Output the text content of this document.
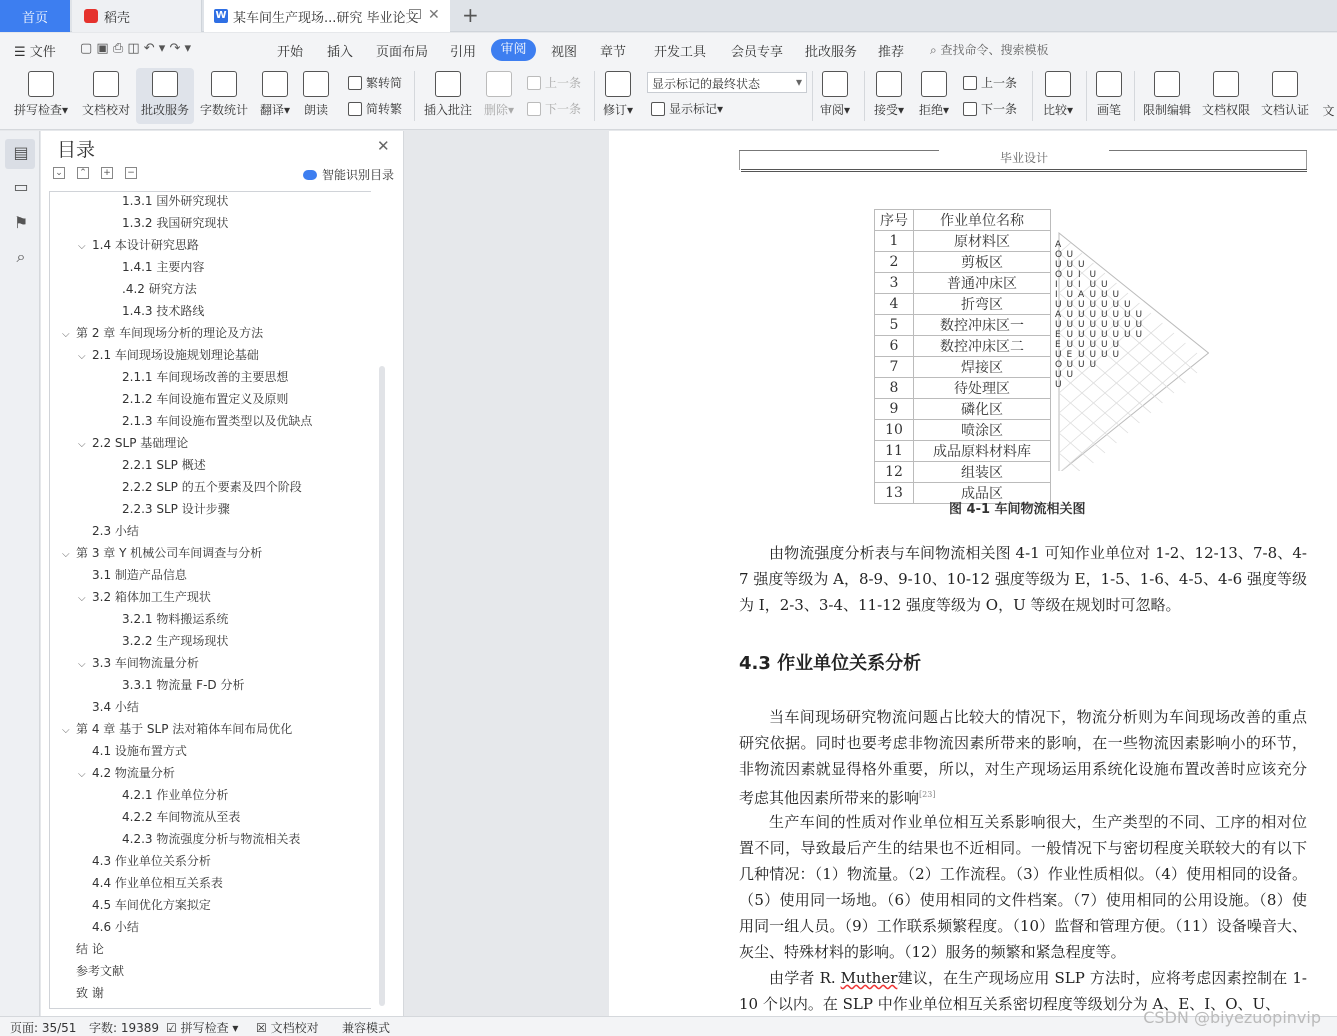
首页	稻壳	W 某车间生产现场...研究 毕业论文 ✕ +
☰ 文件 ▢ ▣ ⎙ ◫ ↶ ▾ ↷ ▾	开始 插入 页面布局 引用	审阅	视图 章节 开发工具 会员专享 批改服务 推荐 ⌕ 查找命令、搜索模板
拼写检查▾ 文档校对 批改服务 字数统计 翻译▾ 朗读
繁转简
简转繁 插入批注 删除▾
上一条
下一条 修订▾
显示标记的最终状态 ▾
显示标记 ▾	审阅▾ 接受▾ 拒绝▾
上一条
下一条 比较▾ 画笔 限制编辑 文档权限 文档认证 文
▤
▭
⚑
⌕
目录	✕
⌄ ⌃ + −	智能识别目录
1.3.1 国外研究现状
1.3.2 我国研究现状
⌵ 1.4 本设计研究思路
1.4.1 主要内容
.4.2 研究方法
1.4.3 技术路线
⌵ 第 2 章 车间现场分析的理论及方法
⌵ 2.1 车间现场设施规划理论基础
2.1.1 车间现场改善的主要思想
2.1.2 车间设施布置定义及原则
2.1.3 车间设施布置类型以及优缺点
⌵ 2.2 SLP 基础理论
2.2.1 SLP 概述
2.2.2 SLP 的五个要素及四个阶段
2.2.3 SLP 设计步骤
2.3 小结
⌵ 第 3 章 Y 机械公司车间调查与分析
3.1 制造产品信息
⌵ 3.2 箱体加工生产现状
3.2.1 物料搬运系统
3.2.2 生产现场现状
⌵ 3.3 车间物流量分析
3.3.1 物流量 F-D 分析
3.4 小结
⌵ 第 4 章 基于 SLP 法对箱体车间布局优化
4.1 设施布置方式
⌵ 4.2 物流量分析
4.2.1 作业单位分析
4.2.2 车间物流从至表
4.2.3 物流强度分析与物流相关表
4.3 作业单位关系分析
4.4 作业单位相互关系表
4.5 车间优化方案拟定
4.6 小结
结 论
参考文献
致 谢
毕业设计
序号	作业单位名称
1	原材料区
2	剪板区
3	普通冲床区
4	折弯区
5	数控冲床区一
6	数控冲床区二
7	焊接区
8	待处理区
9	磷化区
10	喷涂区
11	成品原料材料库
12	组装区
13	成品区
A
O U
U U U
O U I U
I U I U U
I U A U U U
U U U U U U U
A U U U U U U U
U U U U U U U U
E U U U U U U U
E U U U U U
U E U U U U
O U U U
U U
U
图 4-1 车间物流相关图
由物流强度分析表与车间物流相关图 4-1 可知作业单位对 1-2、12-13、7-8、4-7 强度等级为 A，8-9、9-10、10-12 强度等级为 E，1-5、1-6、4-5、4-6 强度等级为 I，2-3、3-4、11-12 强度等级为 O，U 等级在规划时可忽略。
4.3 作业单位关系分析
当车间现场研究物流问题占比较大的情况下，物流分析则为车间现场改善的重点研究依据。同时也要考虑非物流因素所带来的影响，在一些物流因素影响小的环节，非物流因素就显得格外重要，所以，对生产现场运用系统化设施布置改善时应该充分考虑其他因素所带来的影响[23]
生产车间的性质对作业单位相互关系影响很大，生产类型的不同、工序的相对位置不同，导致最后产生的结果也不近相同。一般情况下与密切程度关联较大的有以下几种情况：（1）物流量。（2）工作流程。（3）作业性质相似。（4）使用相同的设备。（5）使用同一场地。（6）使用相同的文件档案。（7）使用相同的公用设施。（8）使用同一组人员。（9）工作联系频繁程度。（10）监督和管理方便。（11）设备噪音大、灰尘、特殊材料的影响。（12）服务的频繁和紧急程度等。
由学者 R. Muther建议，在生产现场应用 SLP 方法时，应将考虑因素控制在 1-10 个以内。在 SLP 中作业单位相互关系密切程度等级划分为 A、E、I、O、U、
页面: 35/51 字数: 19389 ☑ 拼写检查 ▾ ☒ 文档校对 兼容模式
CSDN @biyezuopinvip
